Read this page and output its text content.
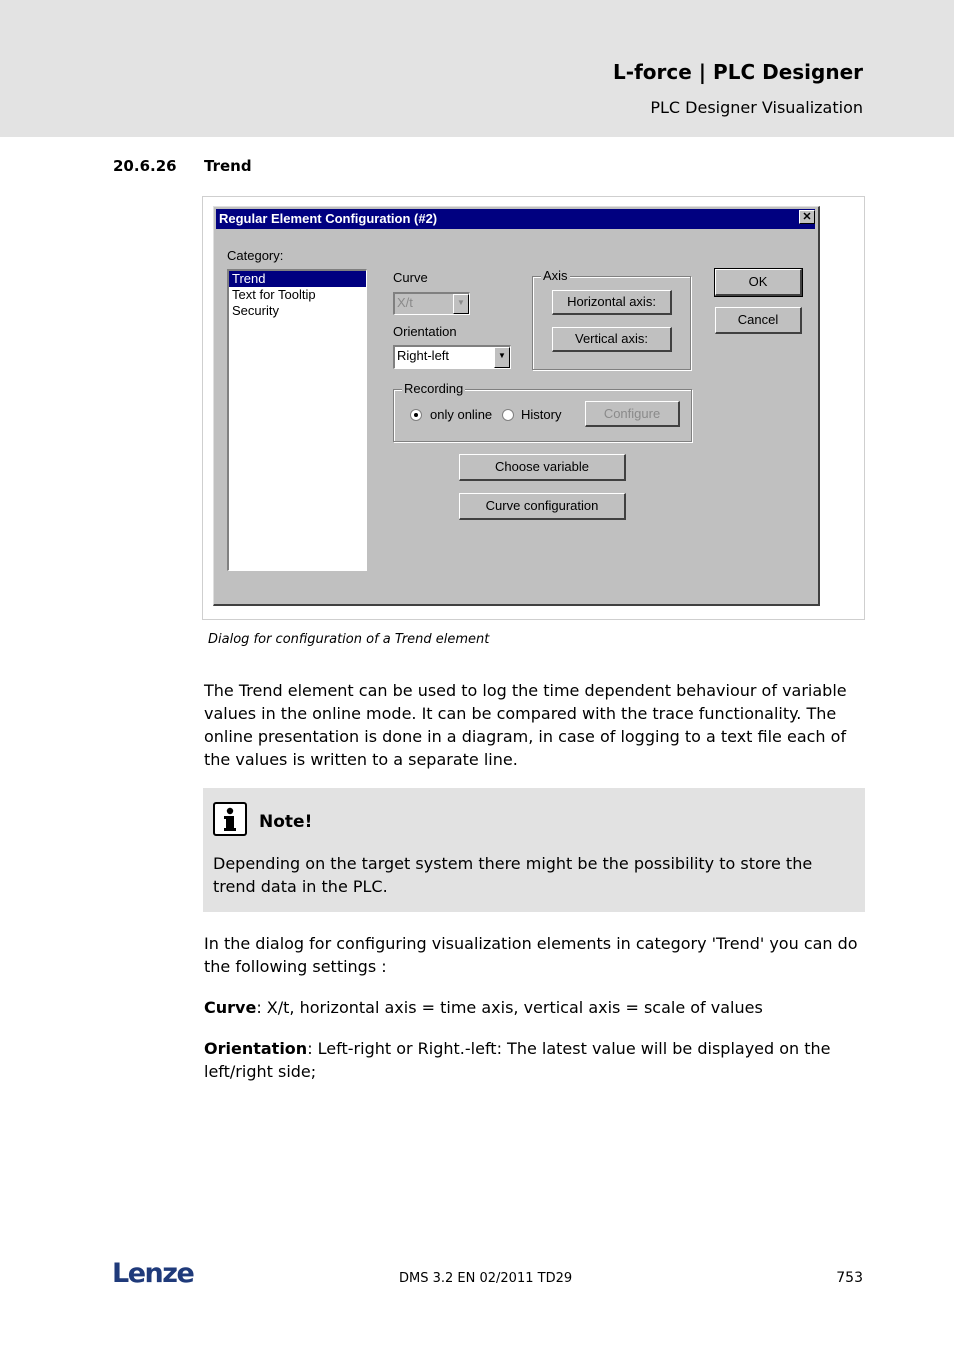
L-force | PLC Designer
PLC Designer Visualization
20.6.26 Trend
Regular Element Configuration (#2)	✕
Category:
Trend
Text for Tooltip
Security
Curve
X/t	▼
Orientation
Right-left	▼
Axis
Horizontal axis:
Vertical axis:
OK
Cancel
Recording
only online History	Configure
Choose variable
Curve configuration
Dialog for configuration of a Trend element

The Trend element can be used to log the time dependent behaviour of variable values in the online mode. It can be compared with the trace functionality. The online presentation is done in a diagram, in case of logging to a text file each of the values is written to a separate line.

Note!

Depending on the target system there might be the possibility to store the trend data in the PLC.

In the dialog for configuring visualization elements in category 'Trend' you can do the following settings :

Curve: X/t, horizontal axis = time axis, vertical axis = scale of values

Orientation: Left-right or Right.-left: The latest value will be displayed on the left/right side;

Lenze	DMS 3.2 EN 02/2011 TD29	753
